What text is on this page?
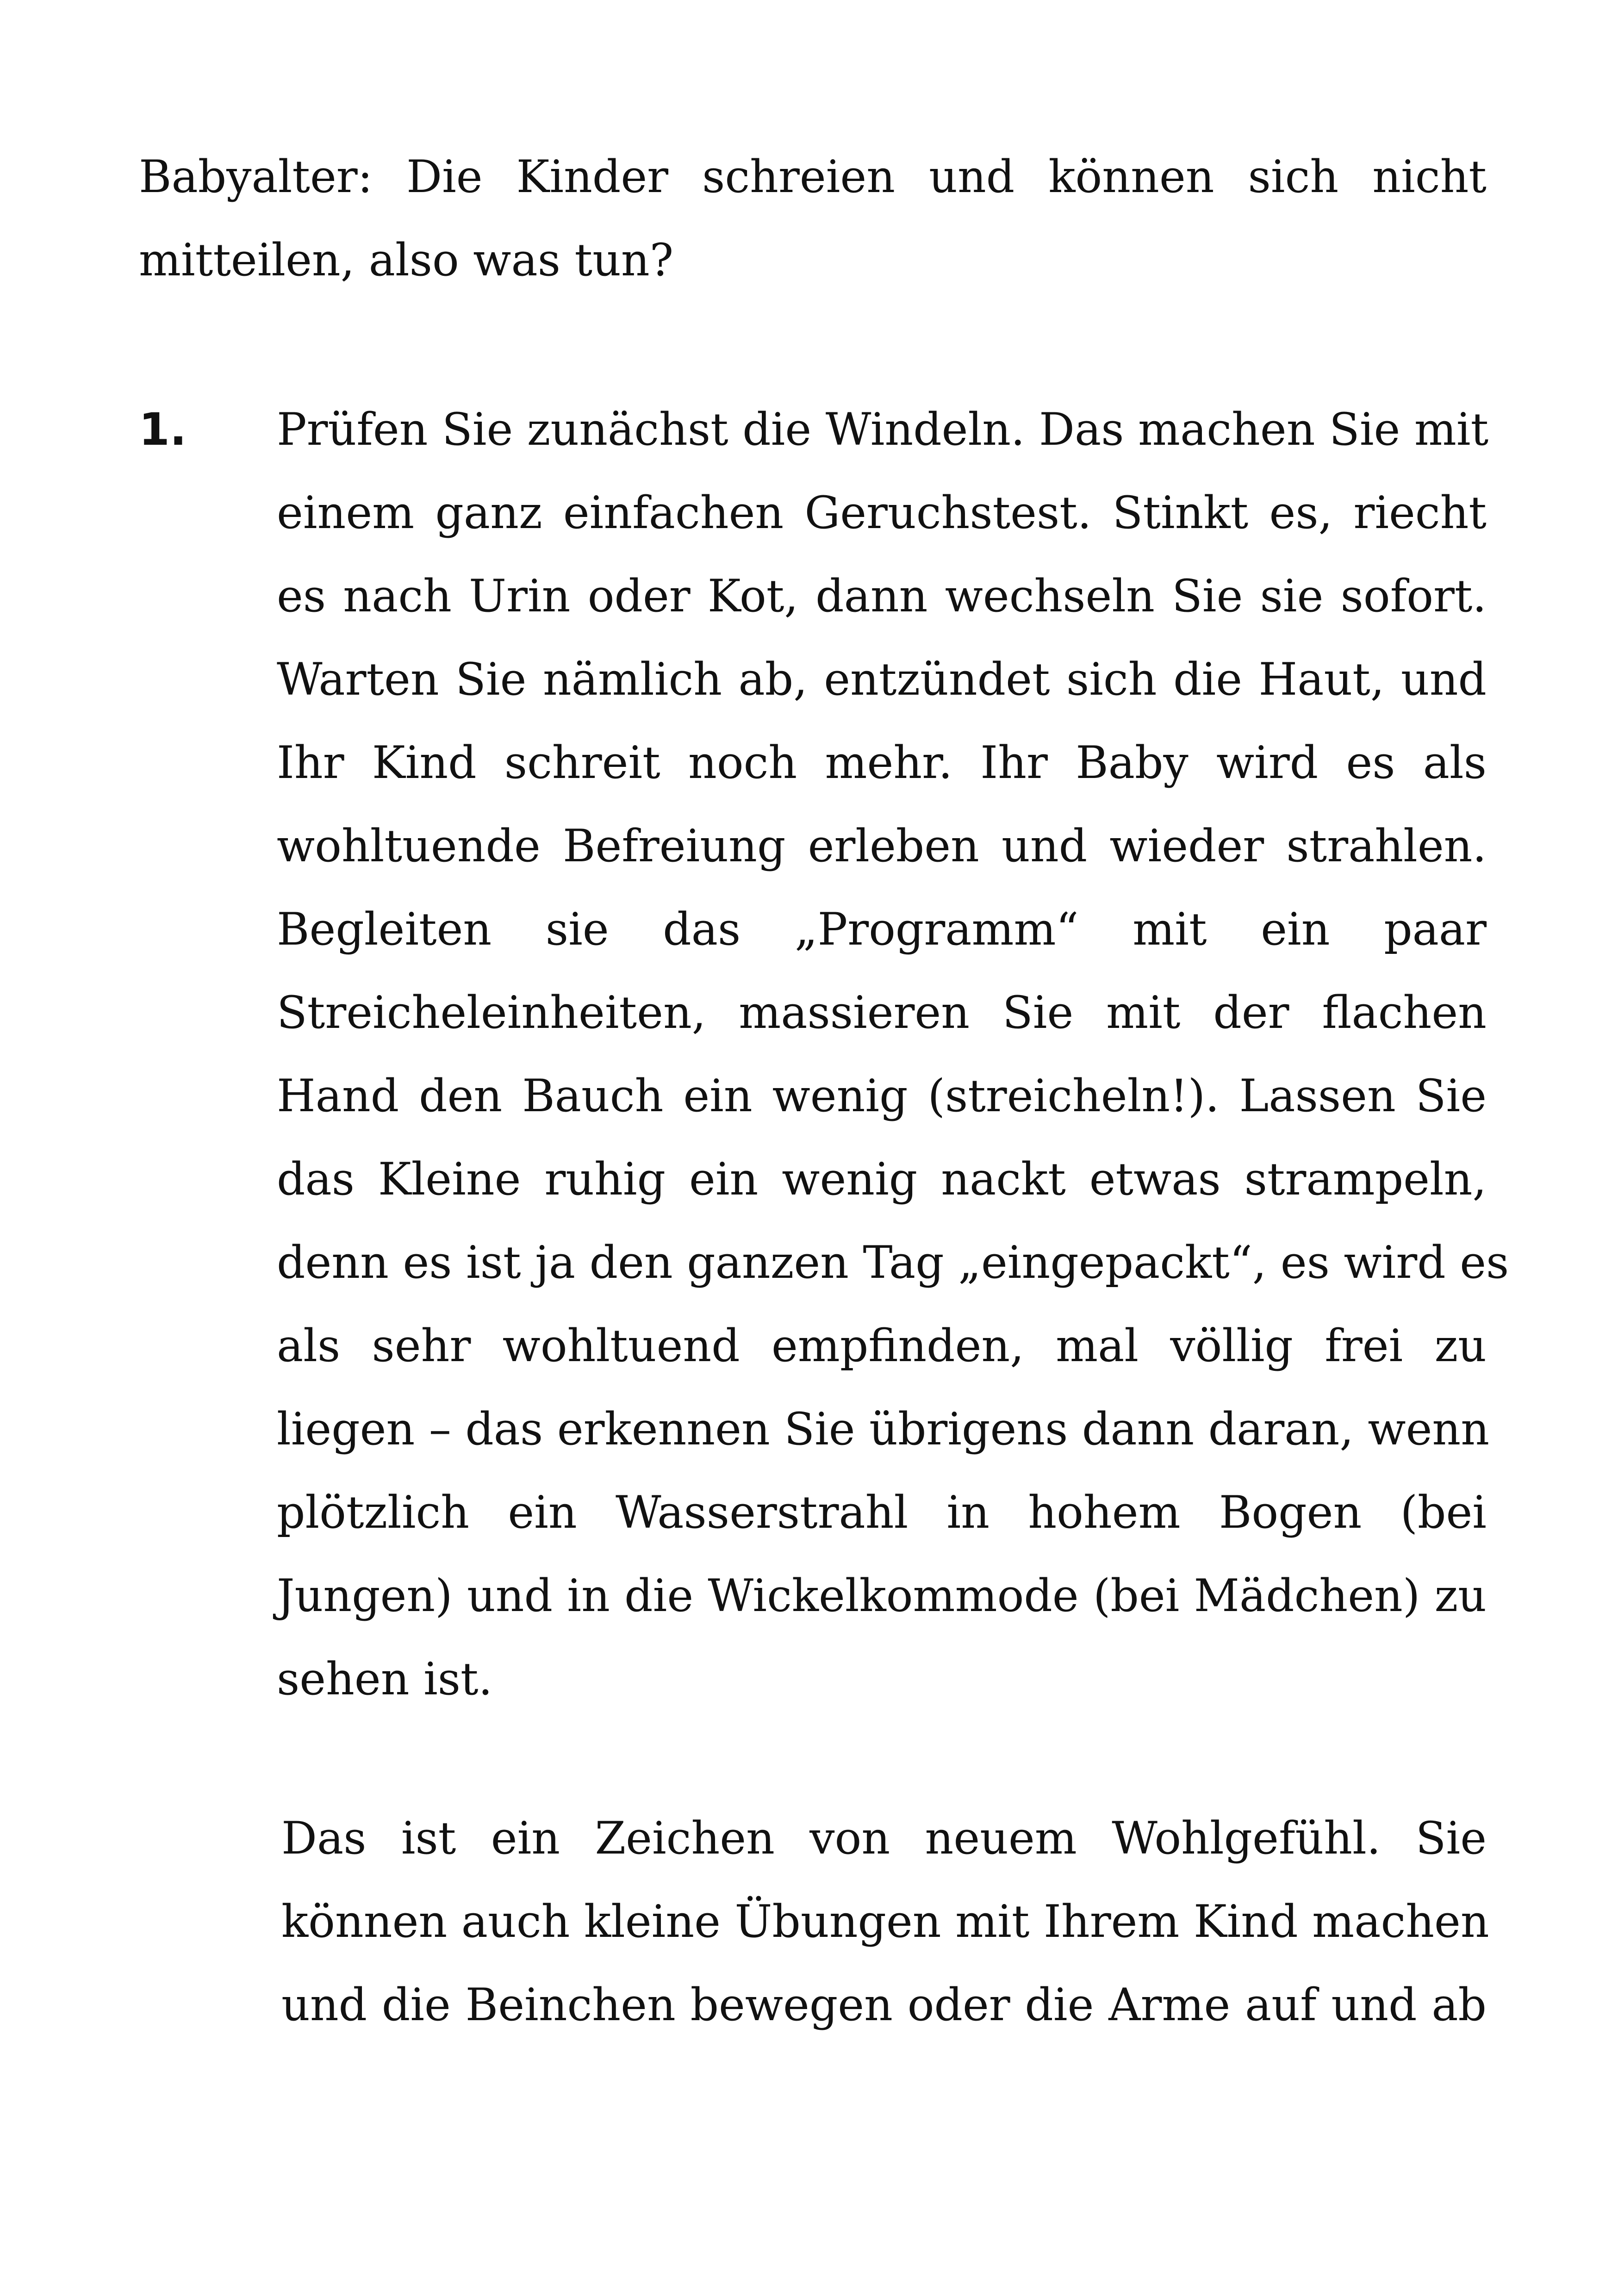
Babyalter: Die Kinder schreien und können sich nicht
mitteilen, also was tun?
1. Prüfen Sie zunächst die Windeln. Das machen Sie mit
einem ganz einfachen Geruchstest. Stinkt es, riecht
es nach Urin oder Kot, dann wechseln Sie sie sofort.
Warten Sie nämlich ab, entzündet sich die Haut, und
Ihr Kind schreit noch mehr. Ihr Baby wird es als
wohltuende Befreiung erleben und wieder strahlen.
Begleiten sie das „Programm“ mit ein paar
Streicheleinheiten, massieren Sie mit der flachen
Hand den Bauch ein wenig (streicheln!). Lassen Sie
das Kleine ruhig ein wenig nackt etwas strampeln,
denn es ist ja den ganzen Tag „eingepackt“, es wird es
als sehr wohltuend empfinden, mal völlig frei zu
liegen – das erkennen Sie übrigens dann daran, wenn
plötzlich ein Wasserstrahl in hohem Bogen (bei
Jungen) und in die Wickelkommode (bei Mädchen) zu
sehen ist.
Das ist ein Zeichen von neuem Wohlgefühl. Sie
können auch kleine Übungen mit Ihrem Kind machen
und die Beinchen bewegen oder die Arme auf und ab
